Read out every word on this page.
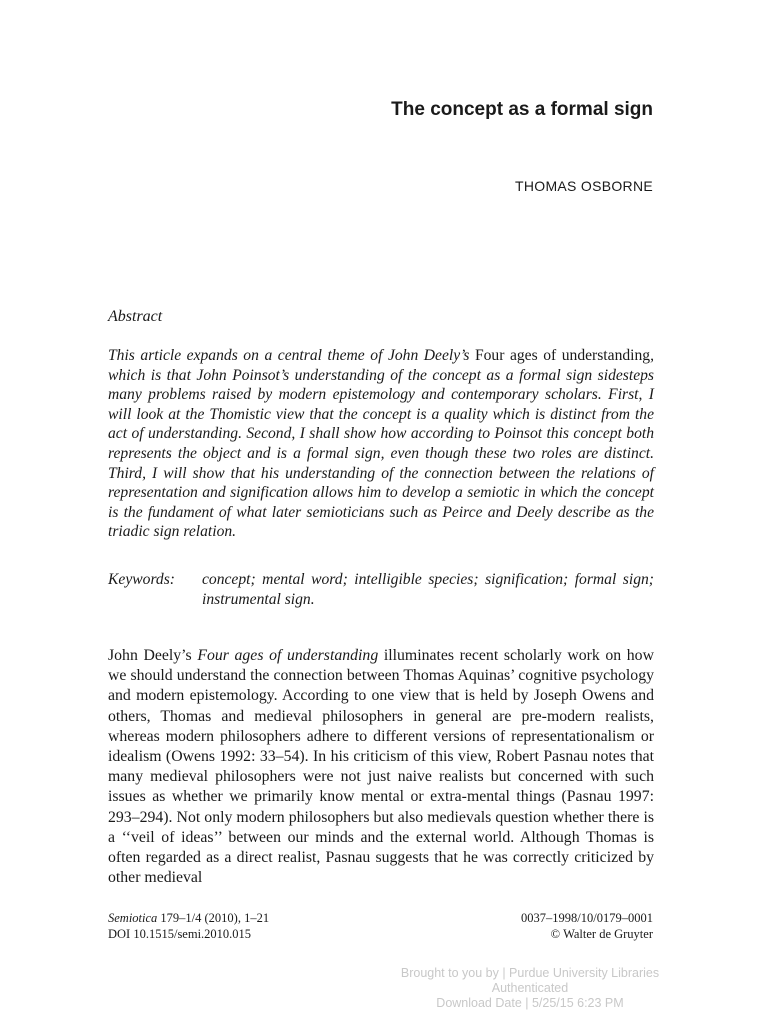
The concept as a formal sign
THOMAS OSBORNE
Abstract

This article expands on a central theme of John Deely’s Four ages of understanding, which is that John Poinsot’s understanding of the concept as a formal sign sidesteps many problems raised by modern epistemology and contemporary scholars. First, I will look at the Thomistic view that the concept is a quality which is distinct from the act of understanding. Second, I shall show how according to Poinsot this concept both represents the object and is a formal sign, even though these two roles are distinct. Third, I will show that his understanding of the connection between the relations of representation and signification allows him to develop a semiotic in which the concept is the fundament of what later semioticians such as Peirce and Deely describe as the triadic sign relation.

Keywords:	concept; mental word; intelligible species; signification; formal sign; instrumental sign.

John Deely’s Four ages of understanding illuminates recent scholarly work on how we should understand the connection between Thomas Aquinas’ cognitive psychology and modern epistemology. According to one view that is held by Joseph Owens and others, Thomas and medieval philosophers in general are pre-modern realists, whereas modern philosophers adhere to different versions of representationalism or idealism (Owens 1992: 33–54). In his criticism of this view, Robert Pasnau notes that many medieval philosophers were not just naive realists but concerned with such issues as whether we primarily know mental or extra-mental things (Pasnau 1997: 293–294). Not only modern philosophers but also medievals question whether there is a ‘‘veil of ideas’’ between our minds and the external world. Although Thomas is often regarded as a direct realist, Pasnau suggests that he was correctly criticized by other medieval

Semiotica 179–1/4 (2010), 1–21
DOI 10.1515/semi.2010.015
0037–1998/10/0179–0001
© Walter de Gruyter
Brought to you by | Purdue University Libraries
Authenticated
Download Date | 5/25/15 6:23 PM
